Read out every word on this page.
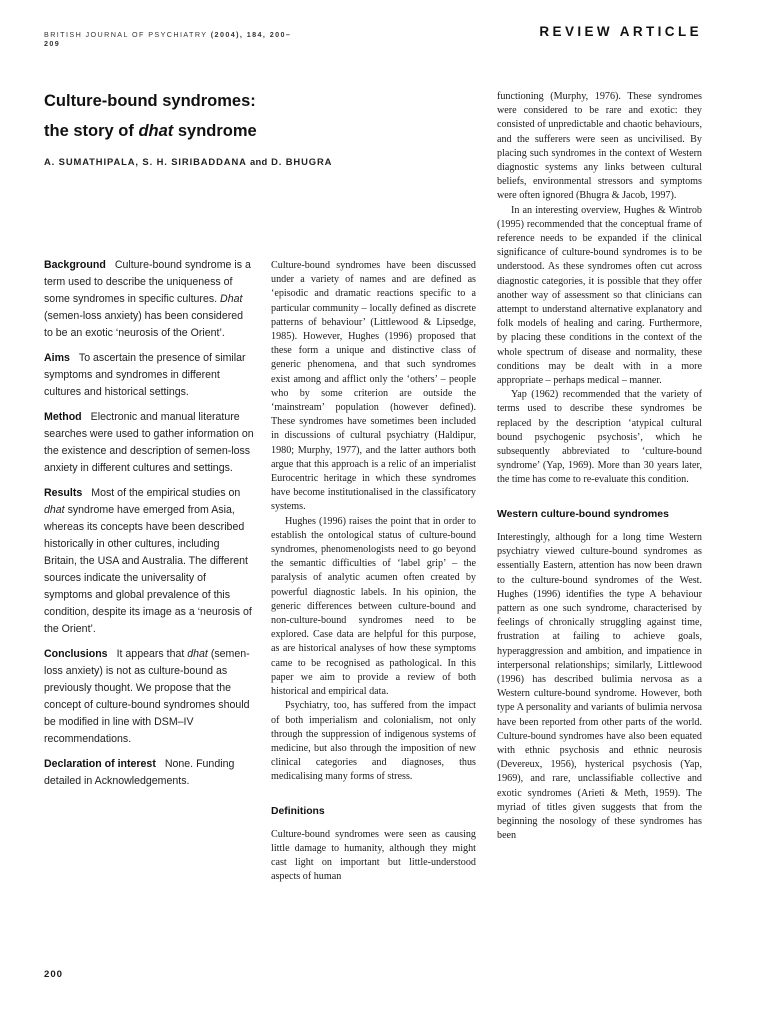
BRITISH JOURNAL OF PSYCHIATRY (2004), 184, 200–209
REVIEW ARTICLE
Culture-bound syndromes:
the story of dhat syndrome
A. SUMATHIPALA, S. H. SIRIBADDANA and D. BHUGRA

Background Culture-bound syndrome is a term used to describe the uniqueness of some syndromes in specific cultures. Dhat (semen-loss anxiety) has been considered to be an exotic ‘neurosis of the Orient’.

Aims To ascertain the presence of similar symptoms and syndromes in different cultures and historical settings.

Method Electronic and manual literature searches were used to gather information on the existence and description of semen-loss anxiety in different cultures and settings.

Results Most of the empirical studies on dhat syndrome have emerged from Asia, whereas its concepts have been described historically in other cultures, including Britain, the USA and Australia. The different sources indicate the universality of symptoms and global prevalence of this condition, despite its image as a ‘neurosis of the Orient’.

Conclusions It appears that dhat (semen-loss anxiety) is not as culture-bound as previously thought. We propose that the concept of culture-bound syndromes should be modified in line with DSM–IV recommendations.

Declaration of interest None. Funding detailed in Acknowledgements.

Culture-bound syndromes have been discussed under a variety of names and are defined as ‘episodic and dramatic reactions specific to a particular community – locally defined as discrete patterns of behaviour’ (Littlewood & Lipsedge, 1985). However, Hughes (1996) proposed that these form a unique and distinctive class of generic phenomena, and that such syndromes exist among and afflict only the ‘others’ – people who by some criterion are outside the ‘mainstream’ population (however defined). These syndromes have sometimes been included in discussions of cultural psychiatry (Haldipur, 1980; Murphy, 1977), and the latter authors both argue that this approach is a relic of an imperialist Eurocentric heritage in which these syndromes have become institutionalised in the classificatory systems.

Hughes (1996) raises the point that in order to establish the ontological status of culture-bound syndromes, phenomenologists need to go beyond the semantic difficulties of ‘label grip’ – the paralysis of analytic acumen often created by powerful diagnostic labels. In his opinion, the generic differences between culture-bound and non-culture-bound syndromes need to be explored. Case data are helpful for this purpose, as are historical analyses of how these symptoms came to be recognised as pathological. In this paper we aim to provide a review of both historical and empirical data.

Psychiatry, too, has suffered from the impact of both imperialism and colonialism, not only through the suppression of indigenous systems of medicine, but also through the imposition of new clinical categories and diagnoses, thus medicalising many forms of stress.

Definitions

Culture-bound syndromes were seen as causing little damage to humanity, although they might cast light on important but little-understood aspects of human

functioning (Murphy, 1976). These syndromes were considered to be rare and exotic: they consisted of unpredictable and chaotic behaviours, and the sufferers were seen as uncivilised. By placing such syndromes in the context of Western diagnostic systems any links between cultural beliefs, environmental stressors and symptoms were often ignored (Bhugra & Jacob, 1997).

In an interesting overview, Hughes & Wintrob (1995) recommended that the conceptual frame of reference needs to be expanded if the clinical significance of culture-bound syndromes is to be understood. As these syndromes often cut across diagnostic categories, it is possible that they offer another way of assessment so that clinicians can attempt to understand alternative explanatory and folk models of healing and caring. Furthermore, by placing these conditions in the context of the whole spectrum of disease and normality, these conditions may be dealt with in a more appropriate – perhaps medical – manner.

Yap (1962) recommended that the variety of terms used to describe these syndromes be replaced by the description ‘atypical cultural bound psychogenic psychosis’, which he subsequently abbreviated to ‘culture-bound syndrome’ (Yap, 1969). More than 30 years later, the time has come to re-evaluate this condition.

Western culture-bound syndromes

Interestingly, although for a long time Western psychiatry viewed culture-bound syndromes as essentially Eastern, attention has now been drawn to the culture-bound syndromes of the West. Hughes (1996) identifies the type A behaviour pattern as one such syndrome, characterised by feelings of chronically struggling against time, frustration at failing to achieve goals, hyperaggression and ambition, and impatience in interpersonal relationships; similarly, Littlewood (1996) has described bulimia nervosa as a Western culture-bound syndrome. However, both type A personality and variants of bulimia nervosa have been reported from other parts of the world. Culture-bound syndromes have also been equated with ethnic psychosis and ethnic neurosis (Devereux, 1956), hysterical psychosis (Yap, 1969), and rare, unclassifiable collective and exotic syndromes (Arieti & Meth, 1959). The myriad of titles given suggests that from the beginning the nosology of these syndromes has been

200
